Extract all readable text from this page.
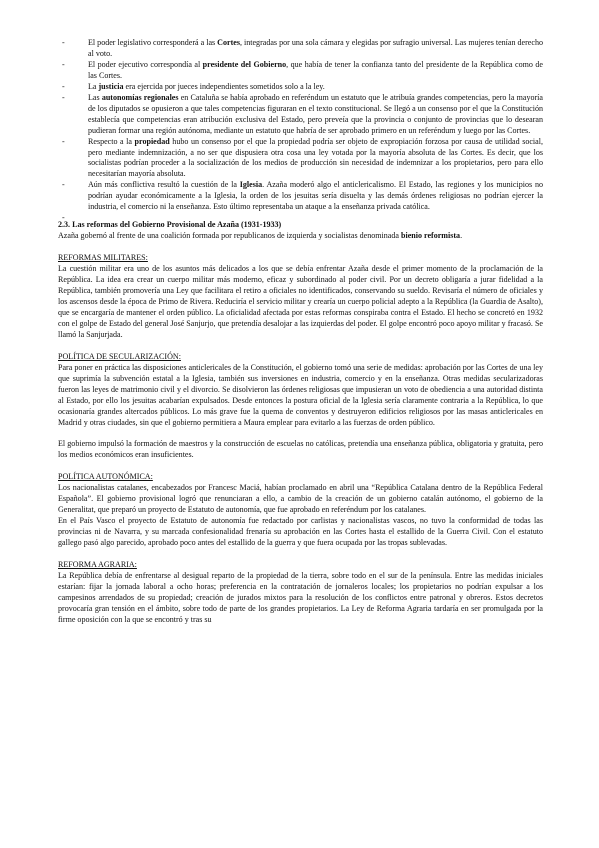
-	El poder legislativo corresponderá a las Cortes, integradas por una sola cámara y elegidas por sufragio universal. Las mujeres tenían derecho al voto.
-	El poder ejecutivo correspondía al presidente del Gobierno, que había de tener la confianza tanto del presidente de la República como de las Cortes.
-	La justicia era ejercida por jueces independientes sometidos solo a la ley.
-	Las autonomías regionales en Cataluña se había aprobado en referéndum un estatuto que le atribuía grandes competencias, pero la mayoría de los diputados se opusieron a que tales competencias figuraran en el texto constitucional. Se llegó a un consenso por el que la Constitución establecía que competencias eran atribución exclusiva del Estado, pero preveía que la provincia o conjunto de provincias que lo desearan pudieran formar una región autónoma, mediante un estatuto que habría de ser aprobado primero en un referéndum y luego por las Cortes.
-	Respecto a la propiedad hubo un consenso por el que la propiedad podría ser objeto de expropiación forzosa por causa de utilidad social, pero mediante indemnización, a no ser que dispusiera otra cosa una ley votada por la mayoría absoluta de las Cortes. Es decir, que los socialistas podrían proceder a la socialización de los medios de producción sin necesidad de indemnizar a los propietarios, pero para ello necesitarían mayoría absoluta.
-	Aún más conflictiva resultó la cuestión de la Iglesia. Azaña moderó algo el anticlericalismo. El Estado, las regiones y los municipios no podrían ayudar económicamente a la Iglesia, la orden de los jesuitas sería disuelta y las demás órdenes religiosas no podrían ejercer la industria, el comercio ni la enseñanza. Esto último representaba un ataque a la enseñanza privada católica.
-

2.3. Las reformas del Gobierno Provisional de Azaña (1931-1933)

Azaña gobernó al frente de una coalición formada por republicanos de izquierda y socialistas denominada bienio reformista.

REFORMAS MILITARES:

La cuestión militar era uno de los asuntos más delicados a los que se debía enfrentar Azaña desde el primer momento de la proclamación de la República. La idea era crear un cuerpo militar más moderno, eficaz y subordinado al poder civil. Por un decreto obligaría a jurar fidelidad a la República, también promovería una Ley que facilitara el retiro a oficiales no identificados, conservando su sueldo. Revisaría el número de oficiales y los ascensos desde la época de Primo de Rivera. Reduciría el servicio militar y crearía un cuerpo policial adepto a la República (la Guardia de Asalto), que se encargaría de mantener el orden público. La oficialidad afectada por estas reformas conspiraba contra el Estado. El hecho se concretó en 1932 con el golpe de Estado del general José Sanjurjo, que pretendía desalojar a las izquierdas del poder. El golpe encontró poco apoyo militar y fracasó. Se llamó la Sanjurjada.

POLÍTICA DE SECULARIZACIÓN:

Para poner en práctica las disposiciones anticlericales de la Constitución, el gobierno tomó una serie de medidas: aprobación por las Cortes de una ley que suprimía la subvención estatal a la Iglesia, también sus inversiones en industria, comercio y en la enseñanza. Otras medidas secularizadoras fueron las leyes de matrimonio civil y el divorcio. Se disolvieron las órdenes religiosas que impusieran un voto de obediencia a una autoridad distinta al Estado, por ello los jesuitas acabarían expulsados. Desde entonces la postura oficial de la Iglesia sería claramente contraria a la República, lo que ocasionaría grandes altercados públicos. Lo más grave fue la quema de conventos y destruyeron edificios religiosos por las masas anticlericales en Madrid y otras ciudades, sin que el gobierno permitiera a Maura emplear para evitarlo a las fuerzas de orden público.

El gobierno impulsó la formación de maestros y la construcción de escuelas no católicas, pretendía una enseñanza pública, obligatoria y gratuita, pero los medios económicos eran insuficientes.

POLÍTICA AUTONÓMICA:

Los nacionalistas catalanes, encabezados por Francesc Maciá, habían proclamado en abril una “República Catalana dentro de la República Federal Española”. El gobierno provisional logró que renunciaran a ello, a cambio de la creación de un gobierno catalán autónomo, el gobierno de la Generalitat, que preparó un proyecto de Estatuto de autonomía, que fue aprobado en referéndum por los catalanes.

En el País Vasco el proyecto de Estatuto de autonomía fue redactado por carlistas y nacionalistas vascos, no tuvo la conformidad de todas las provincias ni de Navarra, y su marcada confesionalidad frenaría su aprobación en las Cortes hasta el estallido de la Guerra Civil. Con el estatuto gallego pasó algo parecido, aprobado poco antes del estallido de la guerra y que fuera ocupada por las tropas sublevadas.

REFORMA AGRARIA:

La República debía de enfrentarse al desigual reparto de la propiedad de la tierra, sobre todo en el sur de la península. Entre las medidas iniciales estarían: fijar la jornada laboral a ocho horas; preferencia en la contratación de jornaleros locales; los propietarios no podrían expulsar a los campesinos arrendados de su propiedad; creación de jurados mixtos para la resolución de los conflictos entre patronal y obreros. Estos decretos provocaría gran tensión en el ámbito, sobre todo de parte de los grandes propietarios. La Ley de Reforma Agraria tardaría en ser promulgada por la firme oposición con la que se encontró y tras su
